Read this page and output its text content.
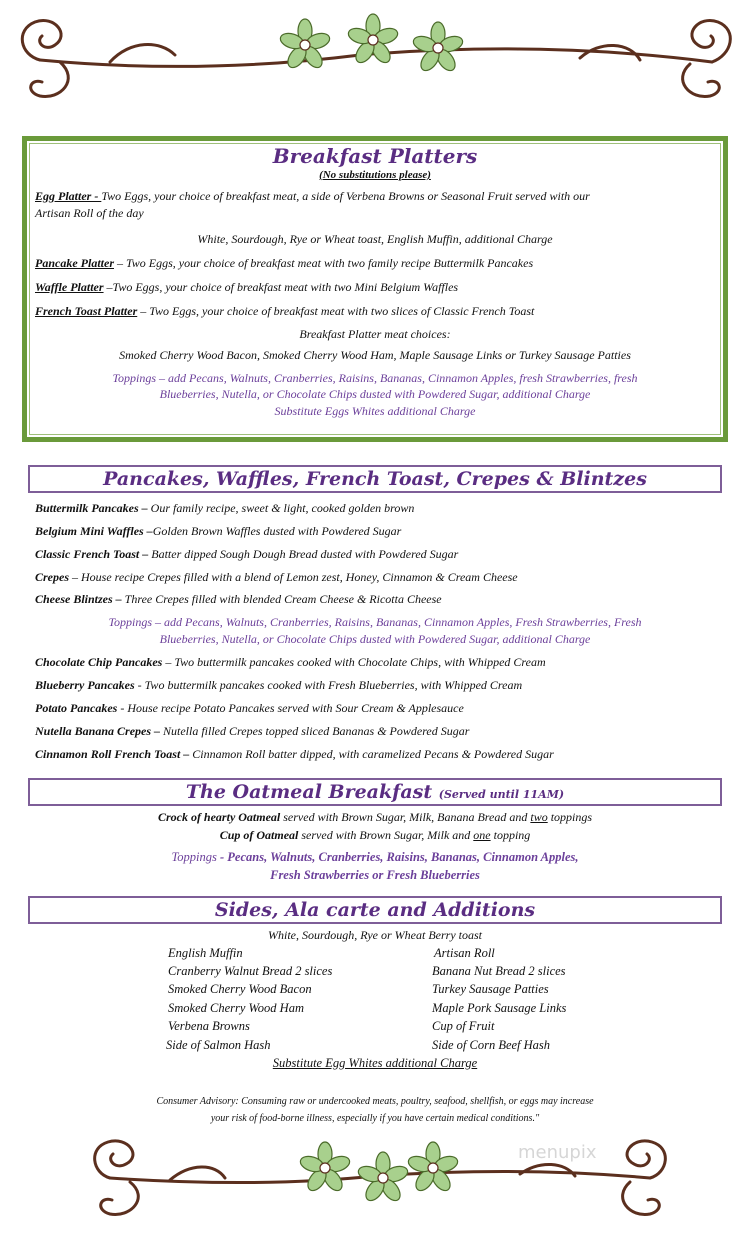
Breakfast Platters
(No substitutions please)
Egg Platter - Two Eggs, your choice of breakfast meat, a side of Verbena Browns or Seasonal Fruit served with our
Artisan Roll of the day
White, Sourdough, Rye or Wheat toast, English Muffin, additional Charge
Pancake Platter – Two Eggs, your choice of breakfast meat with two family recipe Buttermilk Pancakes
Waffle Platter –Two Eggs, your choice of breakfast meat with two Mini Belgium Waffles
French Toast Platter – Two Eggs, your choice of breakfast meat with two slices of Classic French Toast
Breakfast Platter meat choices:
Smoked Cherry Wood Bacon, Smoked Cherry Wood Ham, Maple Sausage Links or Turkey Sausage Patties
Toppings – add Pecans, Walnuts, Cranberries, Raisins, Bananas, Cinnamon Apples, fresh Strawberries, fresh
Blueberries, Nutella, or Chocolate Chips dusted with Powdered Sugar, additional Charge
Substitute Eggs Whites additional Charge
Pancakes, Waffles, French Toast, Crepes & Blintzes
Buttermilk Pancakes – Our family recipe, sweet & light, cooked golden brown
Belgium Mini Waffles –Golden Brown Waffles dusted with Powdered Sugar
Classic French Toast – Batter dipped Sough Dough Bread dusted with Powdered Sugar
Crepes – House recipe Crepes filled with a blend of Lemon zest, Honey, Cinnamon & Cream Cheese
Cheese Blintzes – Three Crepes filled with blended Cream Cheese & Ricotta Cheese
Toppings – add Pecans, Walnuts, Cranberries, Raisins, Bananas, Cinnamon Apples, Fresh Strawberries, Fresh
Blueberries, Nutella, or Chocolate Chips dusted with Powdered Sugar, additional Charge
Chocolate Chip Pancakes – Two buttermilk pancakes cooked with Chocolate Chips, with Whipped Cream
Blueberry Pancakes - Two buttermilk pancakes cooked with Fresh Blueberries, with Whipped Cream
Potato Pancakes - House recipe Potato Pancakes served with Sour Cream & Applesauce
Nutella Banana Crepes – Nutella filled Crepes topped sliced Bananas & Powdered Sugar
Cinnamon Roll French Toast – Cinnamon Roll batter dipped, with caramelized Pecans & Powdered Sugar
The Oatmeal Breakfast (Served until 11AM)
Crock of hearty Oatmeal served with Brown Sugar, Milk, Banana Bread and two toppings
Cup of Oatmeal served with Brown Sugar, Milk and one topping
Toppings - Pecans, Walnuts, Cranberries, Raisins, Bananas, Cinnamon Apples,
Fresh Strawberries or Fresh Blueberries
Sides, Ala carte and Additions
White, Sourdough, Rye or Wheat Berry toast
English Muffin
Cranberry Walnut Bread 2 slices
Smoked Cherry Wood Bacon
Smoked Cherry Wood Ham
Verbena Browns
Side of Salmon Hash
Artisan Roll
Banana Nut Bread 2 slices
Turkey Sausage Patties
Maple Pork Sausage Links
Cup of Fruit
Side of Corn Beef Hash
Substitute Egg Whites additional Charge
Consumer Advisory: Consuming raw or undercooked meats, poultry, seafood, shellfish, or eggs may increase
your risk of food-borne illness, especially if you have certain medical conditions."
menupix
